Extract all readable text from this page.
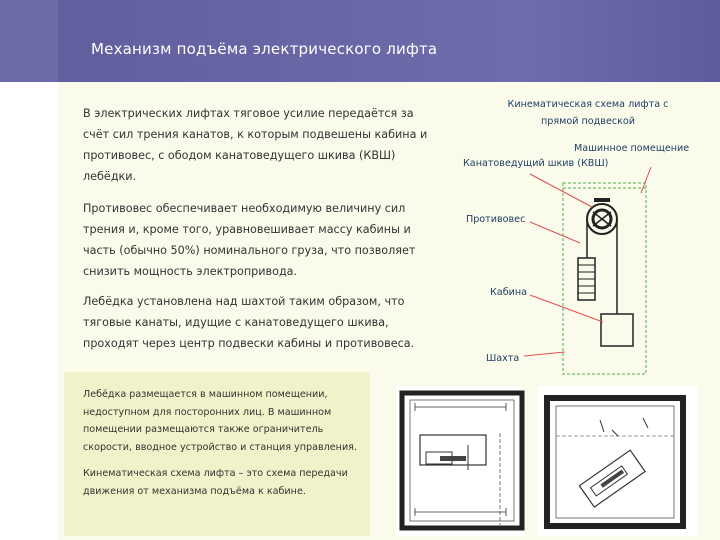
Механизм подъёма электрического лифта

В электрических лифтах тяговое усилие передаётся за счёт сил трения канатов, к которым подвешены кабина и противовес, с ободом канатоведущего шкива (КВШ) лебёдки.

Противовес обеспечивает необходимую величину сил трения и, кроме того, уравновешивает массу кабины и часть (обычно 50%) номинального груза, что позволяет снизить мощность электропривода.

Лебёдка установлена над шахтой таким образом, что тяговые канаты, идущие с канатоведущего шкива, проходят через центр подвески кабины и противовеса.

Лебёдка размещается в машинном помещении, недоступном для посторонних лиц. В машинном помещении размещаются также ограничитель скорости, вводное устройство и станция управления.

Кинематическая схема лифта – это схема передачи движения от механизма подъёма к кабине.

Кинематическая схема лифта с прямой подвеской
Машинное помещение
Канатоведущий шкив (КВШ)
Противовес
Кабина
Шахта
